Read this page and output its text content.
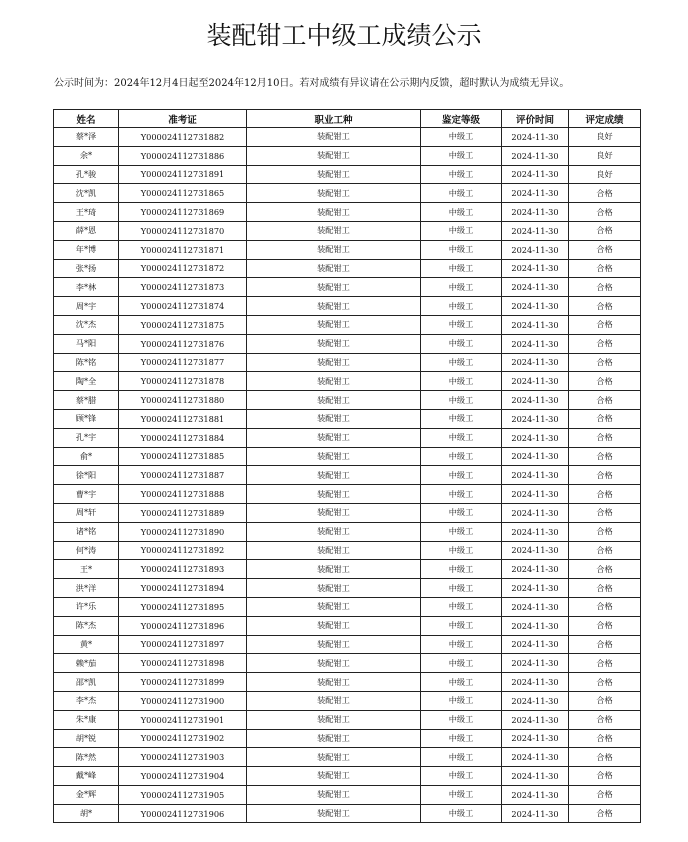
装配钳工中级工成绩公示

公示时间为：2024年12月4日起至2024年12月10日。若对成绩有异议请在公示期内反馈，超时默认为成绩无异议。

姓名	准考证	职业工种	鉴定等级	评价时间	评定成绩
蔡*泽	Y000024112731882	装配钳工	中级工	2024-11-30	良好
余*	Y000024112731886	装配钳工	中级工	2024-11-30	良好
孔*骏	Y000024112731891	装配钳工	中级工	2024-11-30	良好
沈*凯	Y000024112731865	装配钳工	中级工	2024-11-30	合格
王*琦	Y000024112731869	装配钳工	中级工	2024-11-30	合格
薛*恩	Y000024112731870	装配钳工	中级工	2024-11-30	合格
年*博	Y000024112731871	装配钳工	中级工	2024-11-30	合格
张*扬	Y000024112731872	装配钳工	中级工	2024-11-30	合格
李*林	Y000024112731873	装配钳工	中级工	2024-11-30	合格
周*宇	Y000024112731874	装配钳工	中级工	2024-11-30	合格
沈*杰	Y000024112731875	装配钳工	中级工	2024-11-30	合格
马*阳	Y000024112731876	装配钳工	中级工	2024-11-30	合格
陈*铭	Y000024112731877	装配钳工	中级工	2024-11-30	合格
陶*全	Y000024112731878	装配钳工	中级工	2024-11-30	合格
蔡*腊	Y000024112731880	装配钳工	中级工	2024-11-30	合格
顾*锋	Y000024112731881	装配钳工	中级工	2024-11-30	合格
孔*宇	Y000024112731884	装配钳工	中级工	2024-11-30	合格
俞*	Y000024112731885	装配钳工	中级工	2024-11-30	合格
徐*阳	Y000024112731887	装配钳工	中级工	2024-11-30	合格
曹*宇	Y000024112731888	装配钳工	中级工	2024-11-30	合格
周*轩	Y000024112731889	装配钳工	中级工	2024-11-30	合格
诸*铭	Y000024112731890	装配钳工	中级工	2024-11-30	合格
何*涛	Y000024112731892	装配钳工	中级工	2024-11-30	合格
王*	Y000024112731893	装配钳工	中级工	2024-11-30	合格
洪*洋	Y000024112731894	装配钳工	中级工	2024-11-30	合格
许*乐	Y000024112731895	装配钳工	中级工	2024-11-30	合格
陈*杰	Y000024112731896	装配钳工	中级工	2024-11-30	合格
黄*	Y000024112731897	装配钳工	中级工	2024-11-30	合格
赖*茄	Y000024112731898	装配钳工	中级工	2024-11-30	合格
邵*凯	Y000024112731899	装配钳工	中级工	2024-11-30	合格
李*杰	Y000024112731900	装配钳工	中级工	2024-11-30	合格
朱*康	Y000024112731901	装配钳工	中级工	2024-11-30	合格
胡*锐	Y000024112731902	装配钳工	中级工	2024-11-30	合格
陈*然	Y000024112731903	装配钳工	中级工	2024-11-30	合格
戴*峰	Y000024112731904	装配钳工	中级工	2024-11-30	合格
金*辉	Y000024112731905	装配钳工	中级工	2024-11-30	合格
胡*	Y000024112731906	装配钳工	中级工	2024-11-30	合格
